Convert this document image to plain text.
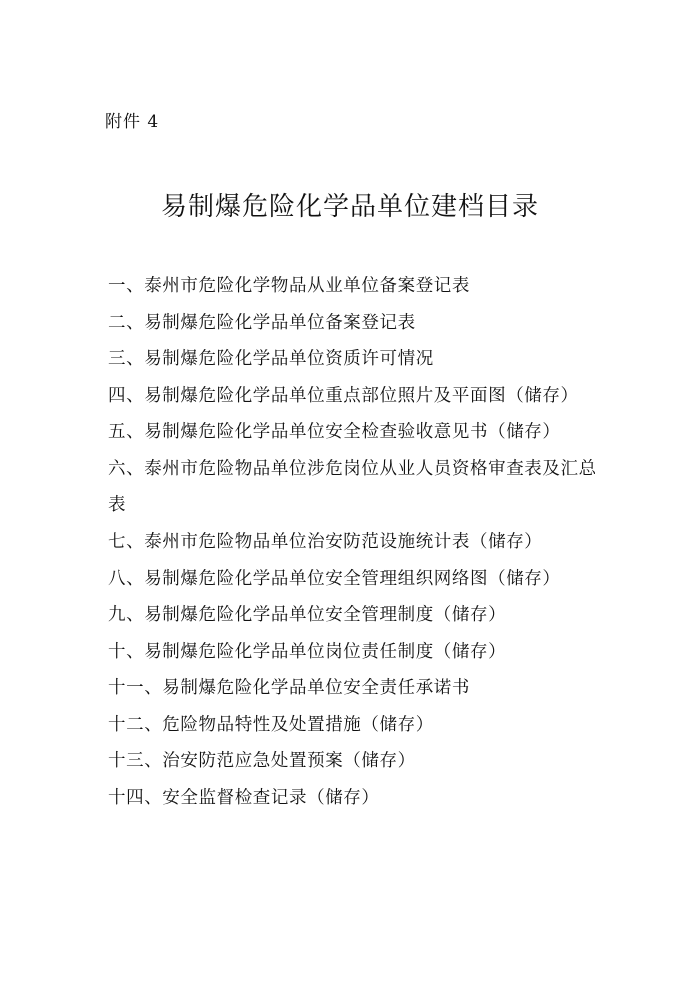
附件 4
易制爆危险化学品单位建档目录
一、泰州市危险化学物品从业单位备案登记表
二、易制爆危险化学品单位备案登记表
三、易制爆危险化学品单位资质许可情况
四、易制爆危险化学品单位重点部位照片及平面图（储存）
五、易制爆危险化学品单位安全检查验收意见书（储存）
六、泰州市危险物品单位涉危岗位从业人员资格审查表及汇总表
七、泰州市危险物品单位治安防范设施统计表（储存）
八、易制爆危险化学品单位安全管理组织网络图（储存）
九、易制爆危险化学品单位安全管理制度（储存）
十、易制爆危险化学品单位岗位责任制度（储存）
十一、易制爆危险化学品单位安全责任承诺书
十二、危险物品特性及处置措施（储存）
十三、治安防范应急处置预案（储存）
十四、安全监督检查记录（储存）
